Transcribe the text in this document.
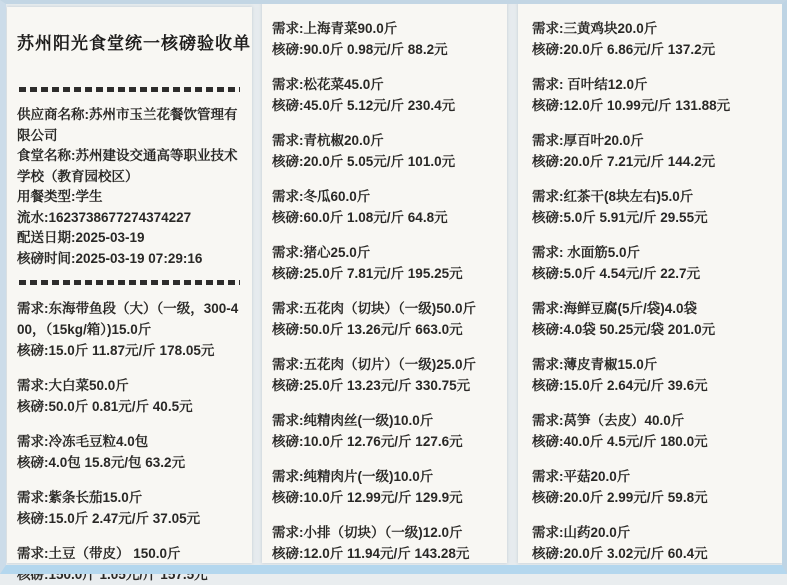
苏州阳光食堂统一核磅验收单
供应商名称:苏州市玉兰花餐饮管理有限公司
食堂名称:苏州建设交通高等职业技术学校（教育园校区）
用餐类型:学生
流水:1623738677274374227
配送日期:2025-03-19
核磅时间:2025-03-19 07:29:16
需求:东海带鱼段（大）（一级，300-400，（15kg/箱）)15.0斤
核磅:15.0斤 11.87元/斤 178.05元
需求:大白菜50.0斤
核磅:50.0斤 0.81元/斤 40.5元
需求:冷冻毛豆粒4.0包
核磅:4.0包 15.8元/包 63.2元
需求:紫条长茄15.0斤
核磅:15.0斤 2.47元/斤 37.05元
需求:土豆（带皮） 150.0斤
核磅:150.0斤 1.05元/斤 157.5元
需求:上海青菜90.0斤
核磅:90.0斤 0.98元/斤 88.2元
需求:松花菜45.0斤
核磅:45.0斤 5.12元/斤 230.4元
需求:青杭椒20.0斤
核磅:20.0斤 5.05元/斤 101.0元
需求:冬瓜60.0斤
核磅:60.0斤 1.08元/斤 64.8元
需求:猪心25.0斤
核磅:25.0斤 7.81元/斤 195.25元
需求:五花肉（切块）（一级)50.0斤
核磅:50.0斤 13.26元/斤 663.0元
需求:五花肉（切片）（一级)25.0斤
核磅:25.0斤 13.23元/斤 330.75元
需求:纯精肉丝(一级)10.0斤
核磅:10.0斤 12.76元/斤 127.6元
需求:纯精肉片(一级)10.0斤
核磅:10.0斤 12.99元/斤 129.9元
需求:小排（切块）（一级)12.0斤
核磅:12.0斤 11.94元/斤 143.28元
需求:三黄鸡块20.0斤
核磅:20.0斤 6.86元/斤 137.2元
需求: 百叶结12.0斤
核磅:12.0斤 10.99元/斤 131.88元
需求:厚百叶20.0斤
核磅:20.0斤 7.21元/斤 144.2元
需求:红茶干(8块左右)5.0斤
核磅:5.0斤 5.91元/斤 29.55元
需求: 水面筋5.0斤
核磅:5.0斤 4.54元/斤 22.7元
需求:海鲜豆腐(5斤/袋)4.0袋
核磅:4.0袋 50.25元/袋 201.0元
需求:薄皮青椒15.0斤
核磅:15.0斤 2.64元/斤 39.6元
需求:莴笋（去皮）40.0斤
核磅:40.0斤 4.5元/斤 180.0元
需求:平菇20.0斤
核磅:20.0斤 2.99元/斤 59.8元
需求:山药20.0斤
核磅:20.0斤 3.02元/斤 60.4元
